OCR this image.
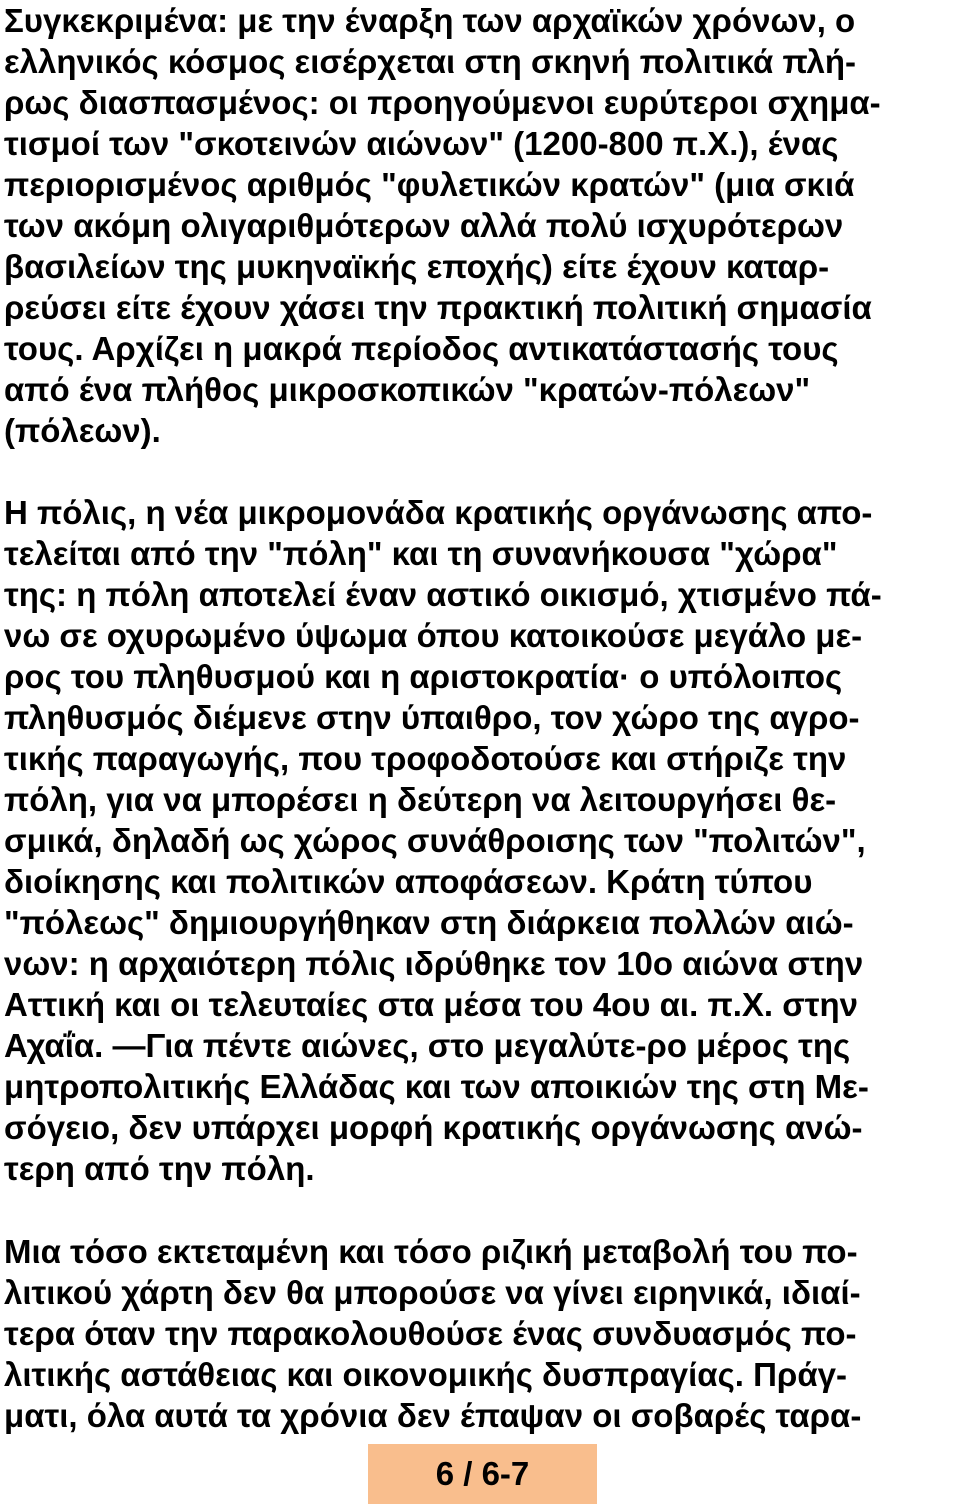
Συγκεκριμένα: με την έναρξη των αρχαϊκών χρόνων, ο
ελληνικός κόσμος εισέρχεται στη σκηνή πολιτικά πλή-
ρως διασπασμένος: οι προηγούμενοι ευρύτεροι σχημα-
τισμοί των "σκοτεινών αιώνων" (1200-800 π.Χ.), ένας
περιορισμένος αριθμός "φυλετικών κρατών" (μια σκιά
των ακόμη ολιγαριθμότερων αλλά πολύ ισχυρότερων
βασιλείων της μυκηναϊκής εποχής) είτε έχουν καταρ-
ρεύσει είτε έχουν χάσει την πρακτική πολιτική σημασία
τους. Αρχίζει η μακρά περίοδος αντικατάστασής τους
από ένα πλήθος μικροσκοπικών "κρατών-πόλεων"
(πόλεων).
Η πόλις, η νέα μικρομονάδα κρατικής οργάνωσης απο-
τελείται από την "πόλη" και τη συνανήκουσα "χώρα"
της: η πόλη αποτελεί έναν αστικό οικισμό, χτισμένο πά-
νω σε οχυρωμένο ύψωμα όπου κατοικούσε μεγάλο με-
ρος του πληθυσμού και η αριστοκρατία· ο υπόλοιπος
πληθυσμός διέμενε στην ύπαιθρο, τον χώρο της αγρο-
τικής παραγωγής, που τροφοδοτούσε και στήριζε την
πόλη, για να μπορέσει η δεύτερη να λειτουργήσει θε-
σμικά, δηλαδή ως χώρος συνάθροισης των "πολιτών",
διοίκησης και πολιτικών αποφάσεων. Κράτη τύπου
"πόλεως" δημιουργήθηκαν στη διάρκεια πολλών αιώ-
νων: η αρχαιότερη πόλις ιδρύθηκε τον 10ο αιώνα στην
Αττική και οι τελευταίες στα μέσα του 4ου αι. π.Χ. στην
Αχαΐα. —Για πέντε αιώνες, στο μεγαλύτε-ρο μέρος της
μητροπολιτικής Ελλάδας και των αποικιών της στη Με-
σόγειο, δεν υπάρχει μορφή κρατικής οργάνωσης ανώ-
τερη από την πόλη.
Μια τόσο εκτεταμένη και τόσο ριζική μεταβολή του πο-
λιτικού χάρτη δεν θα μπορούσε να γίνει ειρηνικά, ιδιαί-
τερα όταν την παρακολουθούσε ένας συνδυασμός πο-
λιτικής αστάθειας και οικονομικής δυσπραγίας. Πράγ-
ματι, όλα αυτά τα χρόνια δεν έπαψαν οι σοβαρές ταρα-
6 / 6-7
